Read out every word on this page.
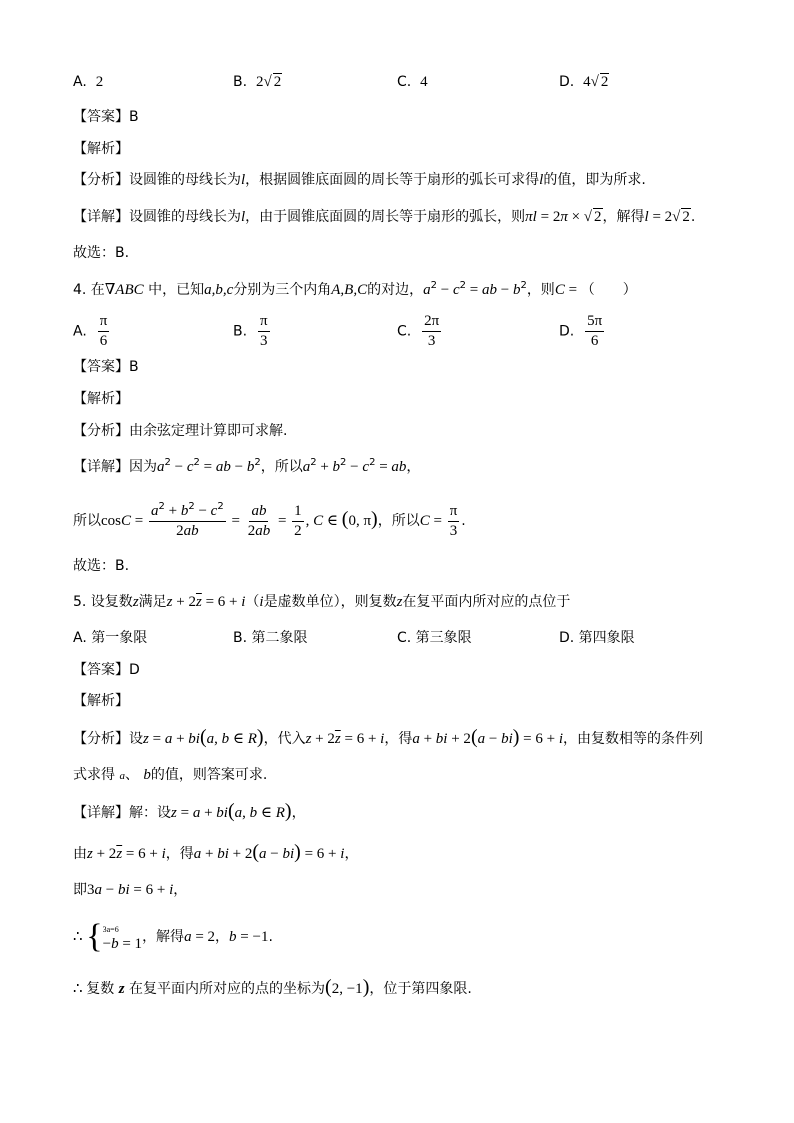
A.  2	B.  2√ 2	C.  4	D.  4√ 2
【答案】B
【解析】
【分析】设圆锥的母线长为l，根据圆锥底面圆的周长等于扇形的弧长可求得l的值，即为所求.
【详解】设圆锥的母线长为l，由于圆锥底面圆的周长等于扇形的弧长，则πl = 2π × √ 2，解得l = 2√ 2.
故选：B.
4. 在∇ABC 中，已知a,b,c分别为三个内角A,B,C的对边，$a^2 - c^2$ = ab − $b^2$，则C = （　　）
A. $\frac{\pi}{6}$	B. $\frac{\pi}{3}$	C. $\frac{2\pi}{3}$	D. $\frac{5\pi}{6}$
【答案】B
【解析】
【分析】由余弦定理计算即可求解.
【详解】因为$a^2 - c^2$ = ab − $b^2$，所以$a^2 + b^2 - c^2$ = ab，
所以$\cos C = \frac{a^2 + b^2 - c^2}{2ab} = \frac{ab}{2ab} = \frac{1}{2}$ , C ∈ (0, π)，所以$C = \frac{\pi}{3}$ .
故选：B.
5. 设复数z满足$z + 2\overline{z} = 6 + i(i$是虚数单位），则复数z在复平面内所对应的点位于
A. 第一象限	B. 第二象限	C. 第三象限	D. 第四象限
【答案】D
【解析】
【分析】设z = a + bi(a, b ∈ R)，代入$z + 2\overline{z} = 6 + i$，得a + bi + 2(a − bi) = 6 + i，由复数相等的条件列
式求得 a、 b的值，则答案可求.
【详解】解：设z = a + bi(a, b ∈ R)，
由$z + 2\overline{z} = 6 + i$，得a + bi + 2(a − bi) = 6 + i，
即3a − bi = 6 + i，
∴ { 3a=6
−b = 1 ，解得a = 2，b = −1.
∴ 复数 z 在复平面内所对应的点的坐标为(2, −1)，位于第四象限.
